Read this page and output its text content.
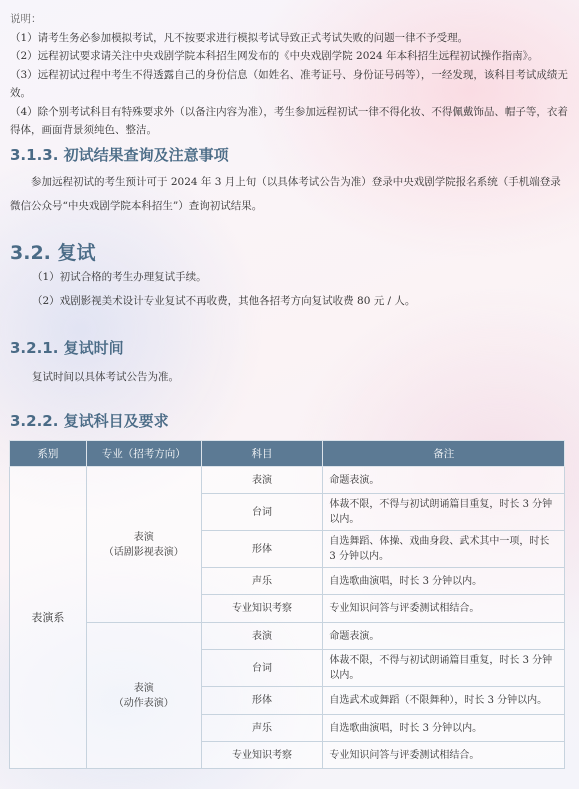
说明：
（1）请考生务必参加模拟考试，凡不按要求进行模拟考试导致正式考试失败的问题一律不予受理。
（2）远程初试要求请关注中央戏剧学院本科招生网发布的《中央戏剧学院 2024 年本科招生远程初试操作指南》。
（3）远程初试过程中考生不得透露自己的身份信息（如姓名、准考证号、身份证号码等），一经发现，该科目考试成绩无效。
（4）除个别考试科目有特殊要求外（以备注内容为准），考生参加远程初试一律不得化妆、不得佩戴饰品、帽子等，衣着得体，画面背景须纯色、整洁。
3.1.3. 初试结果查询及注意事项
参加远程初试的考生预计可于 2024 年 3 月上旬（以具体考试公告为准）登录中央戏剧学院报名系统（手机端登录微信公众号“中央戏剧学院本科招生”）查询初试结果。
3.2. 复试
（1）初试合格的考生办理复试手续。
（2）戏剧影视美术设计专业复试不再收费，其他各招考方向复试收费 80 元 / 人。
3.2.1. 复试时间
复试时间以具体考试公告为准。
3.2.2. 复试科目及要求
系别	专业（招考方向）	科目	备注
表演系	表演
（话剧影视表演）	表演	命题表演。
		台词	体裁不限，不得与初试朗诵篇目重复，时长 3 分钟以内。
		形体	自选舞蹈、体操、戏曲身段、武术其中一项，时长 3 分钟以内。
		声乐	自选歌曲演唱，时长 3 分钟以内。
		专业知识考察	专业知识问答与评委测试相结合。

	表演
（动作表演）	表演	命题表演。
		台词	体裁不限，不得与初试朗诵篇目重复，时长 3 分钟以内。
		形体	自选武术或舞蹈（不限舞种），时长 3 分钟以内。
		声乐	自选歌曲演唱，时长 3 分钟以内。
		专业知识考察	专业知识问答与评委测试相结合。
